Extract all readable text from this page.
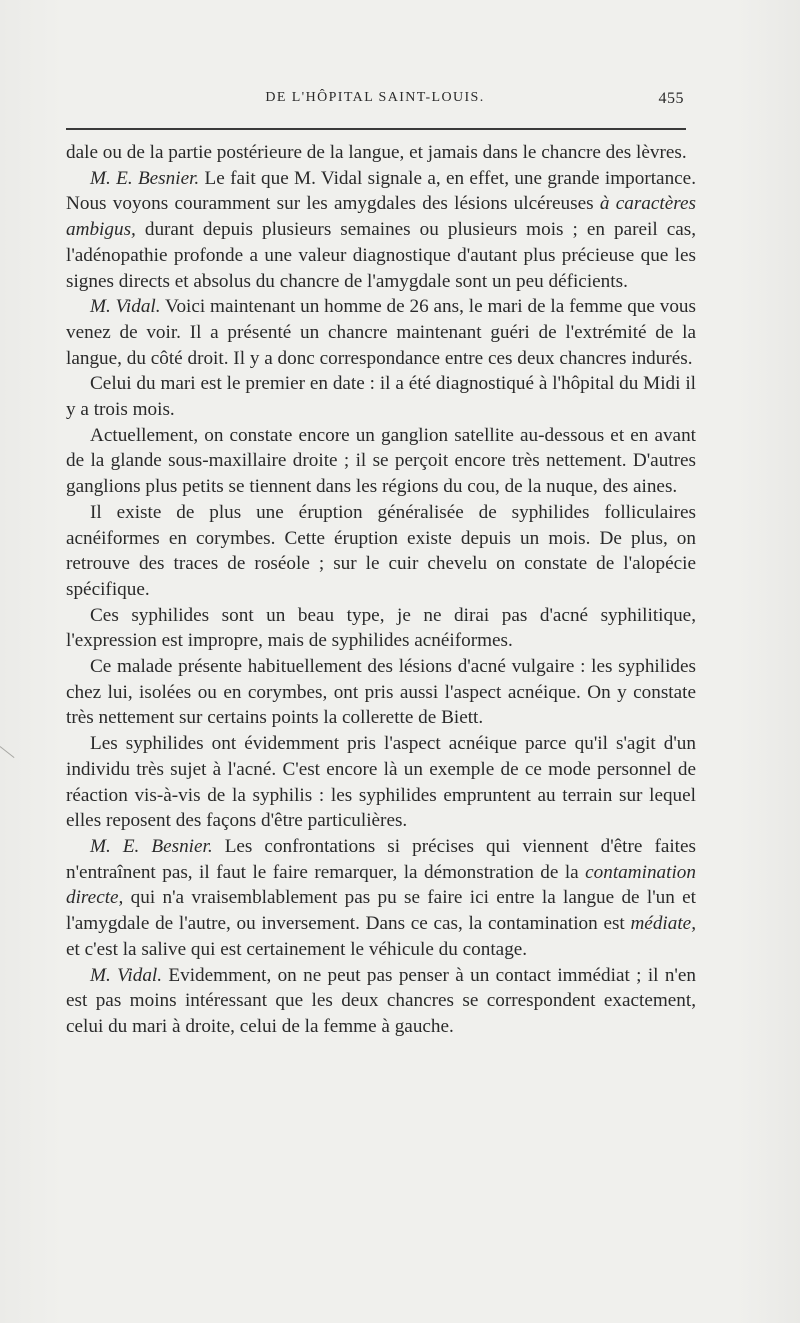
DE L'HÔPITAL SAINT-LOUIS.	455

dale ou de la partie postérieure de la langue, et jamais dans le chancre des lèvres.

M. E. Besnier. Le fait que M. Vidal signale a, en effet, une grande importance. Nous voyons couramment sur les amygdales des lésions ulcéreuses à caractères ambigus, durant depuis plusieurs semaines ou plusieurs mois ; en pareil cas, l'adénopathie profonde a une valeur diagnostique d'autant plus précieuse que les signes directs et absolus du chancre de l'amygdale sont un peu déficients.

M. Vidal. Voici maintenant un homme de 26 ans, le mari de la femme que vous venez de voir. Il a présenté un chancre maintenant guéri de l'extrémité de la langue, du côté droit. Il y a donc correspondance entre ces deux chancres indurés.

Celui du mari est le premier en date : il a été diagnostiqué à l'hôpital du Midi il y a trois mois.

Actuellement, on constate encore un ganglion satellite au-dessous et en avant de la glande sous-maxillaire droite ; il se perçoit encore très nettement. D'autres ganglions plus petits se tiennent dans les régions du cou, de la nuque, des aines.

Il existe de plus une éruption généralisée de syphilides folliculaires acnéiformes en corymbes. Cette éruption existe depuis un mois. De plus, on retrouve des traces de roséole ; sur le cuir chevelu on constate de l'alopécie spécifique.

Ces syphilides sont un beau type, je ne dirai pas d'acné syphilitique, l'expression est impropre, mais de syphilides acnéiformes.

Ce malade présente habituellement des lésions d'acné vulgaire : les syphilides chez lui, isolées ou en corymbes, ont pris aussi l'aspect acnéique. On y constate très nettement sur certains points la collerette de Biett.

Les syphilides ont évidemment pris l'aspect acnéique parce qu'il s'agit d'un individu très sujet à l'acné. C'est encore là un exemple de ce mode personnel de réaction vis-à-vis de la syphilis : les syphilides empruntent au terrain sur lequel elles reposent des façons d'être particulières.

M. E. Besnier. Les confrontations si précises qui viennent d'être faites n'entraînent pas, il faut le faire remarquer, la démonstration de la contamination directe, qui n'a vraisemblablement pas pu se faire ici entre la langue de l'un et l'amygdale de l'autre, ou inversement. Dans ce cas, la contamination est médiate, et c'est la salive qui est certainement le véhicule du contage.

M. Vidal. Evidemment, on ne peut pas penser à un contact immédiat ; il n'en est pas moins intéressant que les deux chancres se correspondent exactement, celui du mari à droite, celui de la femme à gauche.
